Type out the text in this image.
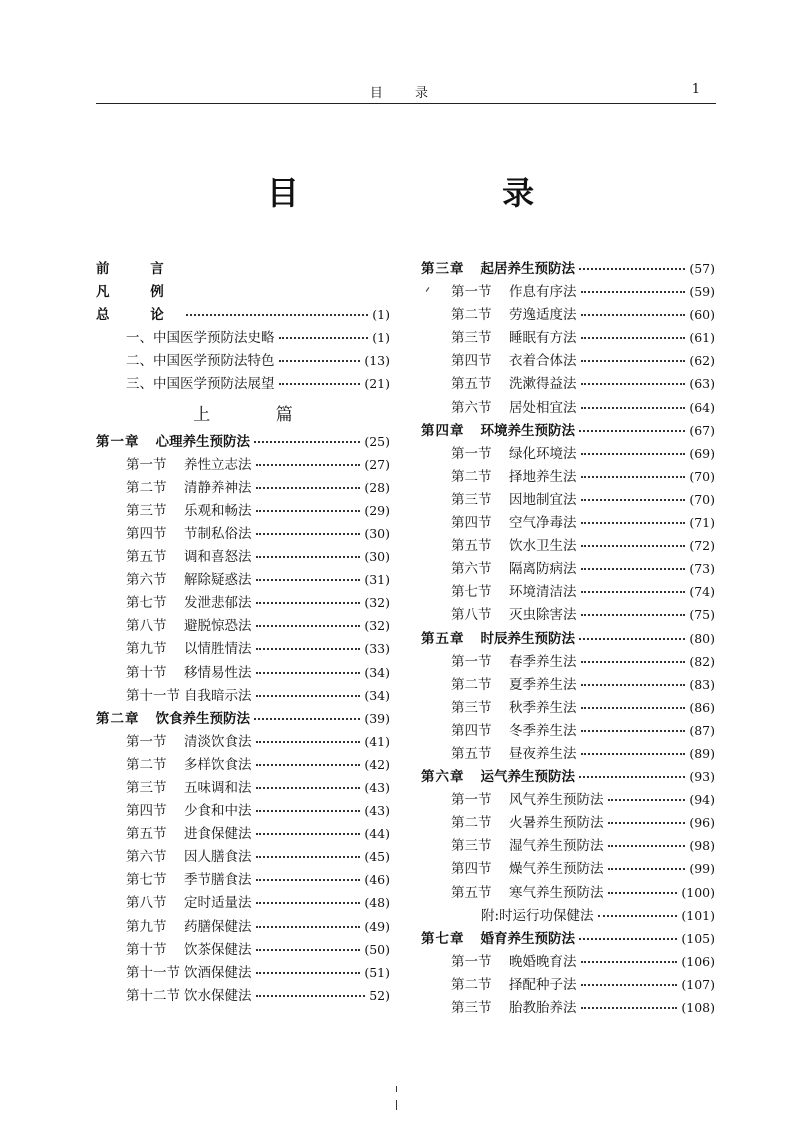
目 录	1
目 录
前 言
凡 例
总 论	(1)
一、中国医学预防法史略	(1)
二、中国医学预防法特色	(13)
三、中国医学预防法展望	(21)
上 篇
第一章 心理养生预防法	(25)
第一节	养性立志法	(27)
第二节	清静养神法	(28)
第三节	乐观和畅法	(29)
第四节	节制私俗法	(30)
第五节	调和喜怒法	(30)
第六节	解除疑惑法	(31)
第七节	发泄悲郁法	(32)
第八节	避脱惊恐法	(32)
第九节	以情胜情法	(33)
第十节	移情易性法	(34)
第十一节 自我暗示法	(34)
第二章 饮食养生预防法	(39)
第一节	清淡饮食法	(41)
第二节	多样饮食法	(42)
第三节	五味调和法	(43)
第四节	少食和中法	(43)
第五节	进食保健法	(44)
第六节	因人膳食法	(45)
第七节	季节膳食法	(46)
第八节	定时适量法	(48)
第九节	药膳保健法	(49)
第十节	饮茶保健法	(50)
第十一节 饮酒保健法	(51)
第十二节 饮水保健法	52)
第三章 起居养生预防法	(57)
第一节	作息有序法	(59)
第二节	劳逸适度法	(60)
第三节	睡眠有方法	(61)
第四节	衣着合体法	(62)
第五节	洗漱得益法	(63)
第六节	居处相宜法	(64)
第四章 环境养生预防法	(67)
第一节	绿化环境法	(69)
第二节	择地养生法	(70)
第三节	因地制宜法	(70)
第四节	空气净毒法	(71)
第五节	饮水卫生法	(72)
第六节	隔离防病法	(73)
第七节	环境清洁法	(74)
第八节	灭虫除害法	(75)
第五章 时辰养生预防法	(80)
第一节	春季养生法	(82)
第二节	夏季养生法	(83)
第三节	秋季养生法	(86)
第四节	冬季养生法	(87)
第五节	昼夜养生法	(89)
第六章 运气养生预防法	(93)
第一节	风气养生预防法	(94)
第二节	火暑养生预防法	(96)
第三节	湿气养生预防法	(98)
第四节	燥气养生预防法	(99)
第五节	寒气养生预防法	(100)
附:时运行功保健法	(101)
第七章 婚育养生预防法	(105)
第一节	晚婚晚育法	(106)
第二节	择配种子法	(107)
第三节	胎教胎养法	(108)
